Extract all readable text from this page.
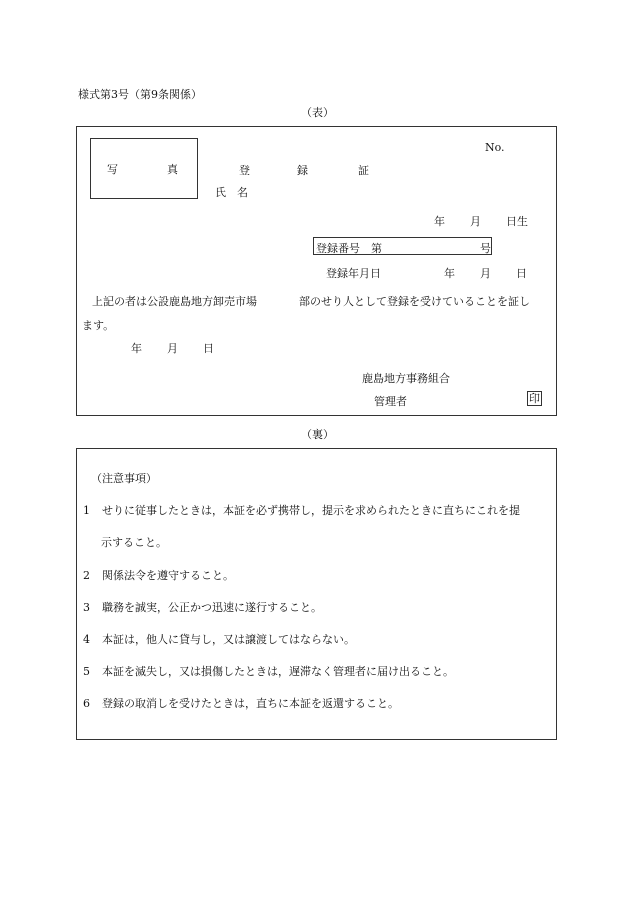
様式第3号（第9条関係）
（表）
写	真
No.
登	録	証
氏　名
年 月 日生
登録番号　第	号
登録年月日	年 月 日
上記の者は公設鹿島地方卸売市場	部のせり人として登録を受けていることを証し
ます。
年 月 日
鹿島地方事務組合
管理者	印
（裏）
（注意事項）
1 せりに従事したときは，本証を必ず携帯し，提示を求められたときに直ちにこれを提
示すること。
2 関係法令を遵守すること。
3 職務を誠実，公正かつ迅速に遂行すること。
4 本証は，他人に貸与し，又は譲渡してはならない。
5 本証を滅失し，又は損傷したときは，遅滞なく管理者に届け出ること。
6 登録の取消しを受けたときは，直ちに本証を返還すること。
